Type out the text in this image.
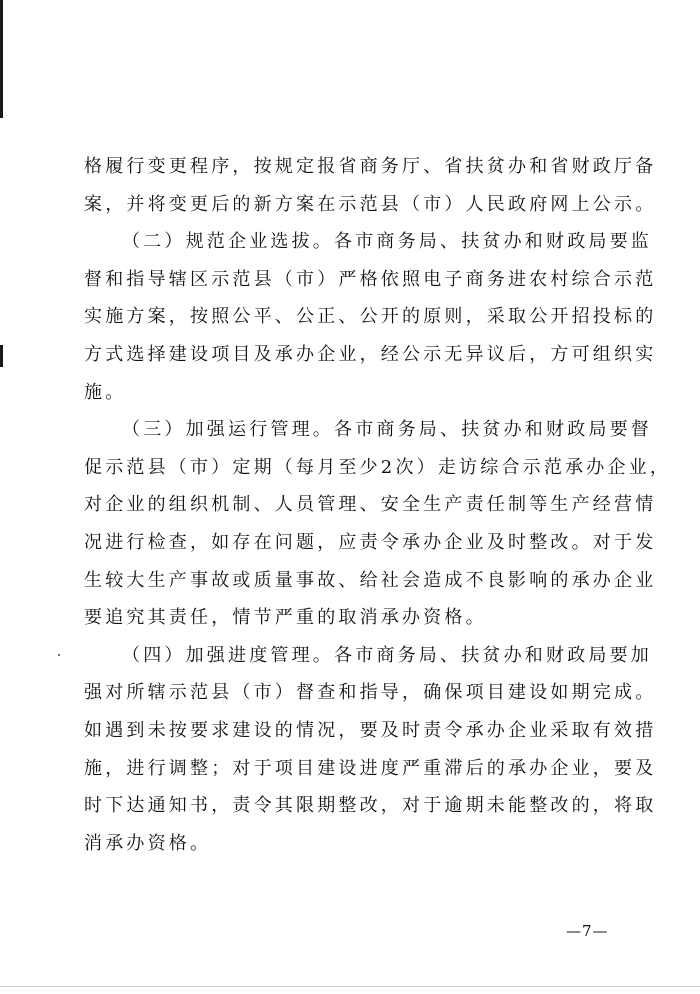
格履行变更程序，按规定报省商务厅、省扶贫办和省财政厅备
案，并将变更后的新方案在示范县（市）人民政府网上公示。
（二）规范企业选拔。各市商务局、扶贫办和财政局要监
督和指导辖区示范县（市）严格依照电子商务进农村综合示范
实施方案，按照公平、公正、公开的原则，采取公开招投标的
方式选择建设项目及承办企业，经公示无异议后，方可组织实
施。
（三）加强运行管理。各市商务局、扶贫办和财政局要督
促示范县（市）定期（每月至少2次）走访综合示范承办企业，
对企业的组织机制、人员管理、安全生产责任制等生产经营情
况进行检查，如存在问题，应责令承办企业及时整改。对于发
生较大生产事故或质量事故、给社会造成不良影响的承办企业
要追究其责任，情节严重的取消承办资格。
（四）加强进度管理。各市商务局、扶贫办和财政局要加
强对所辖示范县（市）督查和指导，确保项目建设如期完成。
如遇到未按要求建设的情况，要及时责令承办企业采取有效措
施，进行调整；对于项目建设进度严重滞后的承办企业，要及
时下达通知书，责令其限期整改，对于逾期未能整改的，将取
消承办资格。
—7—
